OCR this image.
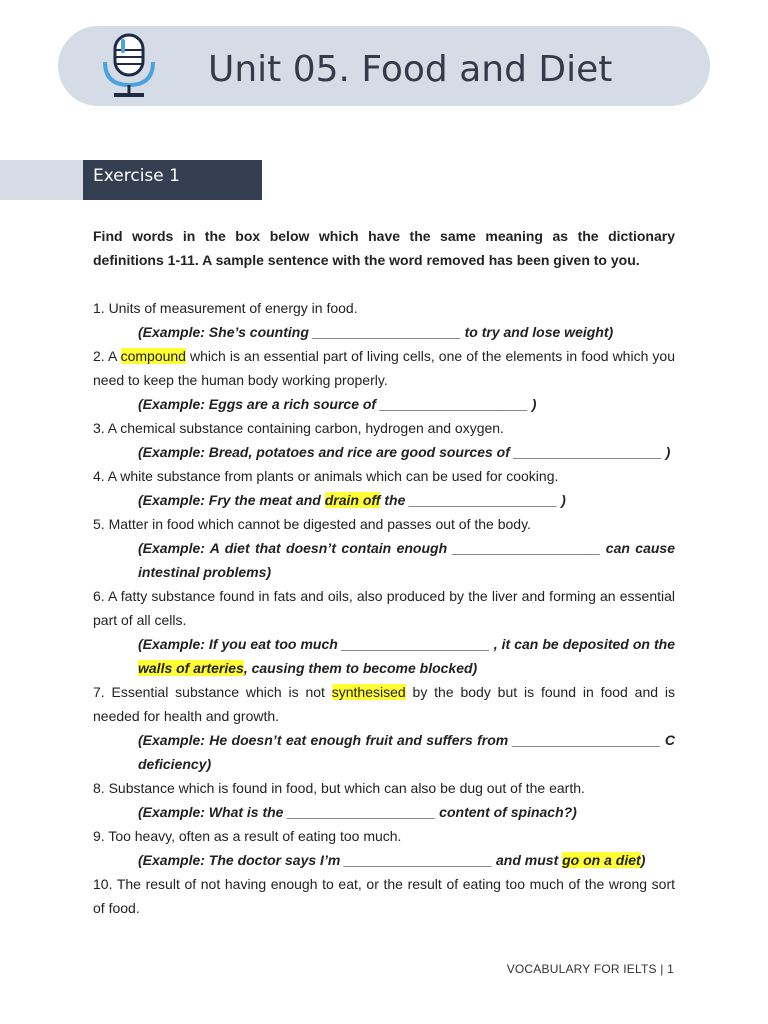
Unit 05. Food and Diet
Exercise 1

Find words in the box below which have the same meaning as the dictionary definitions 1-11. A sample sentence with the word removed has been given to you.

1. Units of measurement of energy in food.

(Example: She’s counting ___________________ to try and lose weight)

2. A compound which is an essential part of living cells, one of the elements in food which you need to keep the human body working properly.

(Example: Eggs are a rich source of ___________________ )

3. A chemical substance containing carbon, hydrogen and oxygen.

(Example: Bread, potatoes and rice are good sources of ___________________ )

4. A white substance from plants or animals which can be used for cooking.

(Example: Fry the meat and drain off the ___________________ )

5. Matter in food which cannot be digested and passes out of the body.

(Example: A diet that doesn’t contain enough ___________________ can cause intestinal problems)

6. A fatty substance found in fats and oils, also produced by the liver and forming an essential part of all cells.

(Example: If you eat too much ___________________ , it can be deposited on the walls of arteries, causing them to become blocked)

7. Essential substance which is not synthesised by the body but is found in food and is needed for health and growth.

(Example: He doesn’t eat enough fruit and suffers from ___________________ C deficiency)

8. Substance which is found in food, but which can also be dug out of the earth.

(Example: What is the ___________________ content of spinach?)

9. Too heavy, often as a result of eating too much.

(Example: The doctor says I’m ___________________ and must go on a diet)

10. The result of not having enough to eat, or the result of eating too much of the wrong sort of food.

VOCABULARY FOR IELTS | 1
